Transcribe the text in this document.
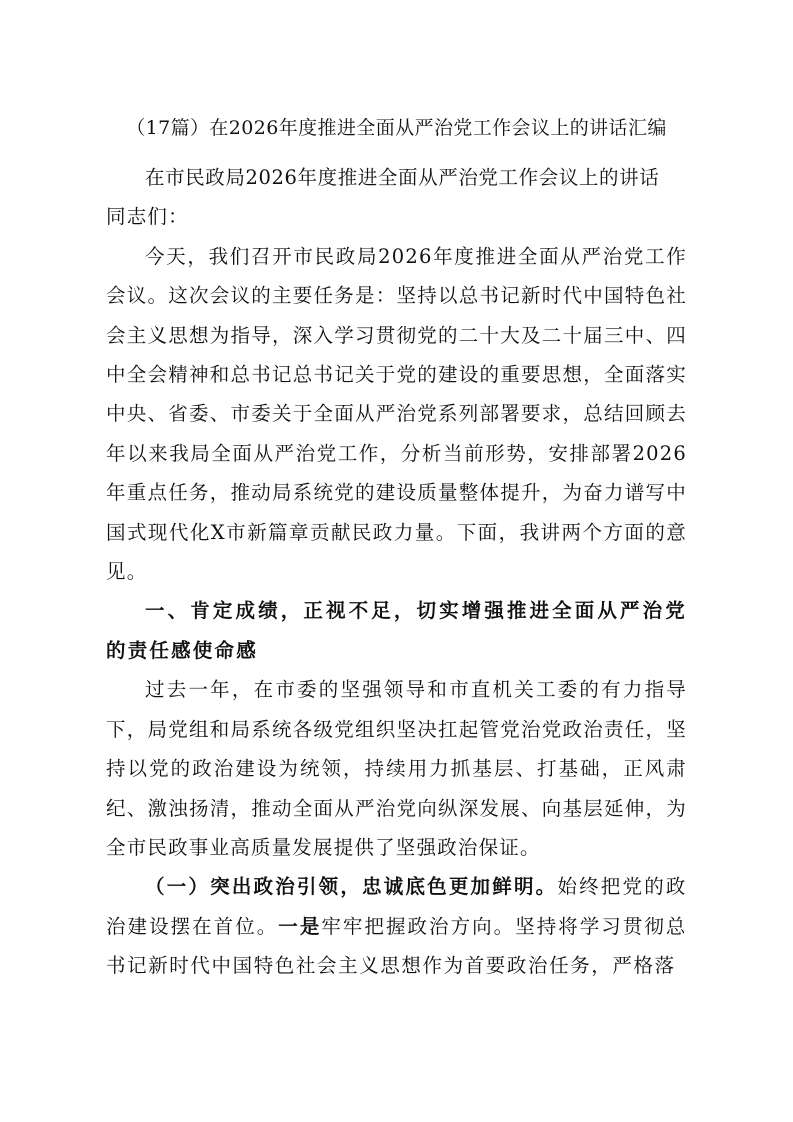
（17篇）在2026年度推进全面从严治党工作会议上的讲话汇编

在市民政局2026年度推进全面从严治党工作会议上的讲话

同志们：

今天，我们召开市民政局2026年度推进全面从严治党工作会议。这次会议的主要任务是：坚持以总书记新时代中国特色社会主义思想为指导，深入学习贯彻党的二十大及二十届三中、四中全会精神和总书记总书记关于党的建设的重要思想，全面落实中央、省委、市委关于全面从严治党系列部署要求，总结回顾去年以来我局全面从严治党工作，分析当前形势，安排部署2026年重点任务，推动局系统党的建设质量整体提升，为奋力谱写中国式现代化X市新篇章贡献民政力量。下面，我讲两个方面的意见。

一、肯定成绩，正视不足，切实增强推进全面从严治党的责任感使命感

过去一年，在市委的坚强领导和市直机关工委的有力指导下，局党组和局系统各级党组织坚决扛起管党治党政治责任，坚持以党的政治建设为统领，持续用力抓基层、打基础，正风肃纪、激浊扬清，推动全面从严治党向纵深发展、向基层延伸，为全市民政事业高质量发展提供了坚强政治保证。

（一）突出政治引领，忠诚底色更加鲜明。始终把党的政治建设摆在首位。一是牢牢把握政治方向。坚持将学习贯彻总书记新时代中国特色社会主义思想作为首要政治任务，严格落
